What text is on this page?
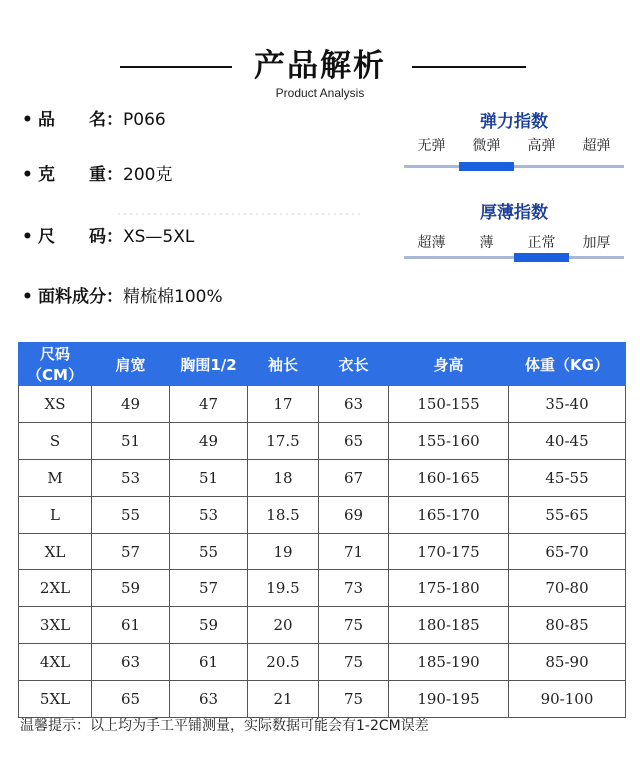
产品解析
Product Analysis
• 品　　名：P066
• 克　　重：200克
• 尺　　码：XS—5XL
• 面料成分：精梳棉100%
弹力指数
无弹	微弹	高弹	超弹
厚薄指数
超薄	薄	正常	加厚
尺码（CM）	肩宽	胸围1/2	袖长	衣长	身高	体重（KG）
XS	49	47	17	63	150-155	35-40
S	51	49	17.5	65	155-160	40-45
M	53	51	18	67	160-165	45-55
L	55	53	18.5	69	165-170	55-65
XL	57	55	19	71	170-175	65-70
2XL	59	57	19.5	73	175-180	70-80
3XL	61	59	20	75	180-185	80-85
4XL	63	61	20.5	75	185-190	85-90
5XL	65	63	21	75	190-195	90-100
温馨提示：以上均为手工平铺测量，实际数据可能会有1-2CM误差
